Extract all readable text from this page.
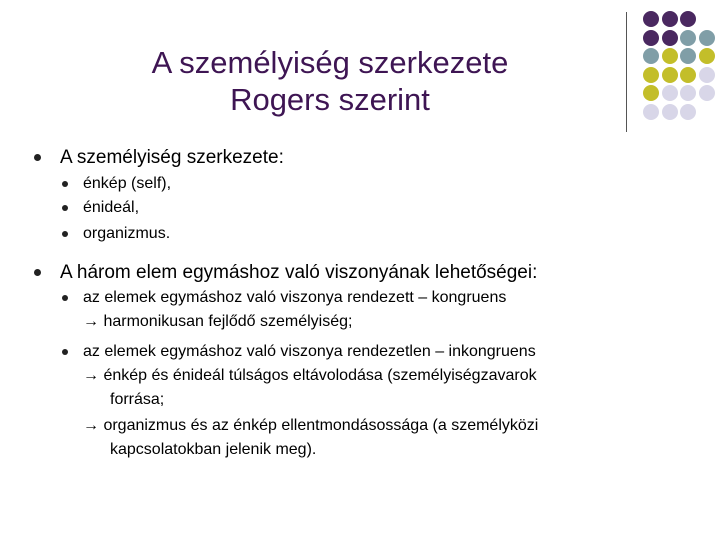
A személyiség szerkezete
Rogers szerint
A személyiség szerkezete:
énkép (self),
énideál,
organizmus.
A három elem egymáshoz való viszonyának lehetőségei:
az elemek egymáshoz való viszonya rendezett – kongruens
→ harmonikusan fejlődő személyiség;
az elemek egymáshoz való viszonya rendezetlen – inkongruens
→ énkép és énideál túlságos eltávolodása (személyiségzavarok
forrása;
→ organizmus és az énkép ellentmondásossága (a személyközi
kapcsolatokban jelenik meg).
